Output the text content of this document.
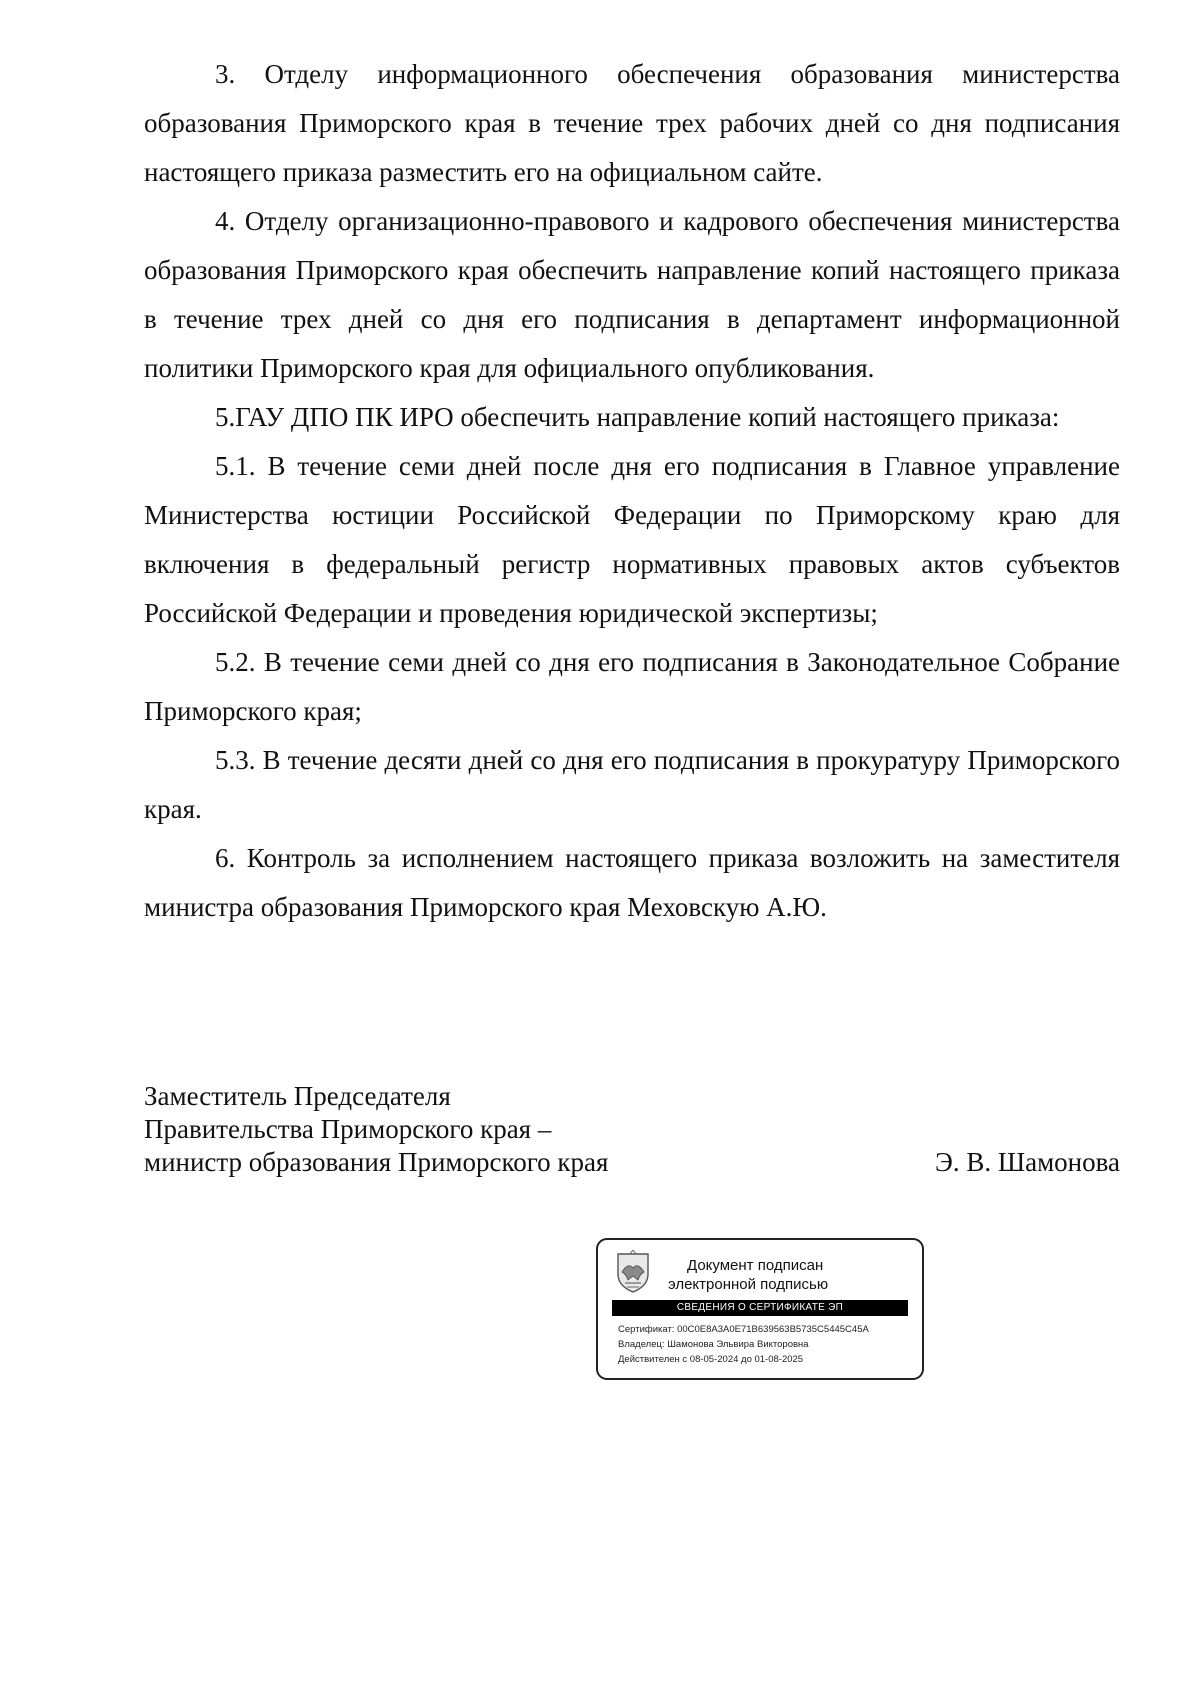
3. Отделу информационного обеспечения образования министерства образования Приморского края в течение трех рабочих дней со дня подписания настоящего приказа разместить его на официальном сайте.

4. Отделу организационно-правового и кадрового обеспечения министерства образования Приморского края обеспечить направление копий настоящего приказа в течение трех дней со дня его подписания в департамент информационной политики Приморского края для официального опубликования.

5.ГАУ ДПО ПК ИРО обеспечить направление копий настоящего приказа:

5.1. В течение семи дней после дня его подписания в Главное управление Министерства юстиции Российской Федерации по Приморскому краю для включения в федеральный регистр нормативных правовых актов субъектов Российской Федерации и проведения юридической экспертизы;

5.2. В течение семи дней со дня его подписания в Законодательное Собрание Приморского края;

5.3. В течение десяти дней со дня его подписания в прокуратуру Приморского края.

6. Контроль за исполнением настоящего приказа возложить на заместителя министра образования Приморского края Меховскую А.Ю.

Заместитель Председателя
Правительства Приморского края –
министр образования Приморского края	Э. В. Шамонова
Документ подписан
электронной подписью
СВЕДЕНИЯ О СЕРТИФИКАТЕ ЭП
Сертификат: 00C0E8A3A0E71B639563B5735C5445C45A
Владелец: Шамонова Эльвира Викторовна
Действителен с 08-05-2024 до 01-08-2025
